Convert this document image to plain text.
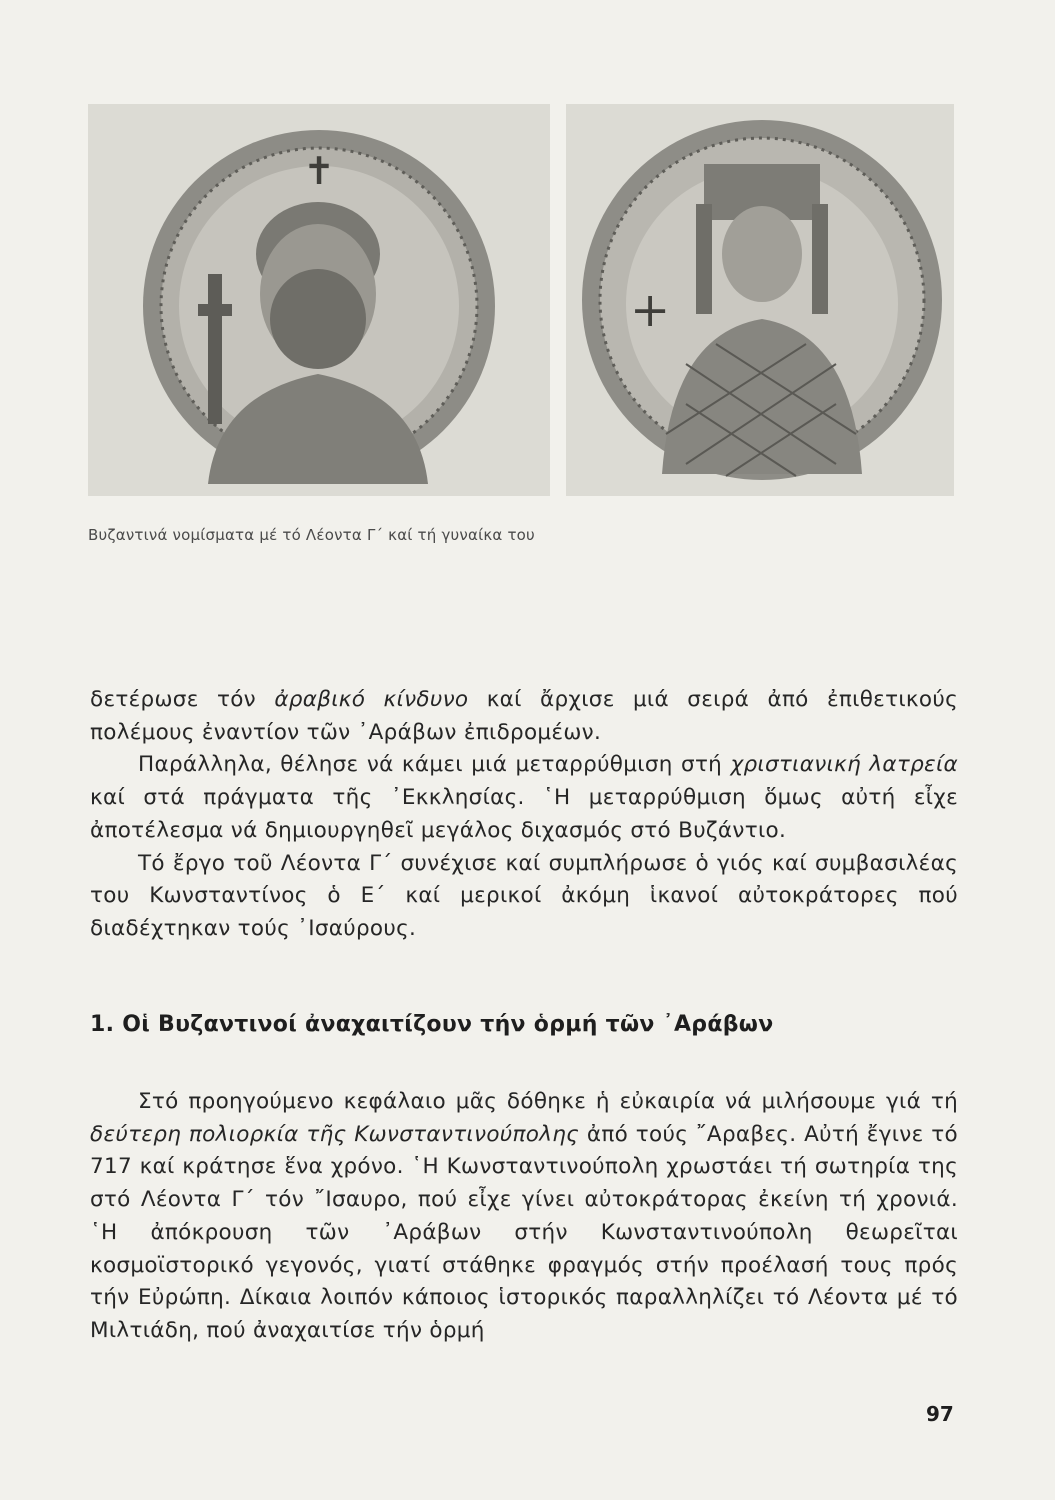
✝
+
Βυζαντινά νομίσματα μέ τό Λέοντα Γ΄ καί τή γυναίκα του

δετέρωσε τόν ἀραβικό κίνδυνο καί ἄρχισε μιά σειρά ἀπό ἐπιθετικούς πολέμους ἐναντίον τῶν ᾿Αράβων ἐπιδρομέων.

Παράλληλα, θέλησε νά κάμει μιά μεταρρύθμιση στή χριστιανική λατρεία καί στά πράγματα τῆς ᾿Εκκλησίας. ῾Η μεταρρύθμιση ὅμως αὐτή εἶχε ἀποτέλεσμα νά δημιουργηθεῖ μεγάλος διχασμός στό Βυζάντιο.

Τό ἔργο τοῦ Λέοντα Γ΄ συνέχισε καί συμπλήρωσε ὁ γιός καί συμβασιλέας του Κωνσταντίνος ὁ Ε΄ καί μερικοί ἀκόμη ἱκανοί αὐτοκράτορες πού διαδέχτηκαν τούς ᾿Ισαύρους.

1. Οἱ Βυζαντινοί ἀναχαιτίζουν τήν ὁρμή τῶν ᾿Αράβων

Στό προηγούμενο κεφάλαιο μᾶς δόθηκε ἡ εὐκαιρία νά μιλήσουμε γιά τή δεύτερη πολιορκία τῆς Κωνσταντινούπολης ἀπό τούς ῎Αραβες. Αὐτή ἔγινε τό 717 καί κράτησε ἕνα χρόνο. ῾Η Κωνσταντινούπολη χρωστάει τή σωτηρία της στό Λέοντα Γ΄ τόν ῎Ισαυρο, πού εἶχε γίνει αὐτοκράτορας ἐκείνη τή χρονιά. ῾Η ἀπόκρουση τῶν ᾿Αράβων στήν Κωνσταντινούπολη θεωρεῖται κοσμοϊστορικό γεγονός, γιατί στάθηκε φραγμός στήν προέλασή τους πρός τήν Εὐρώπη. Δίκαια λοιπόν κάποιος ἱστορικός παραλληλίζει τό Λέοντα μέ τό Μιλτιάδη, πού ἀναχαιτίσε τήν ὁρμή

97
